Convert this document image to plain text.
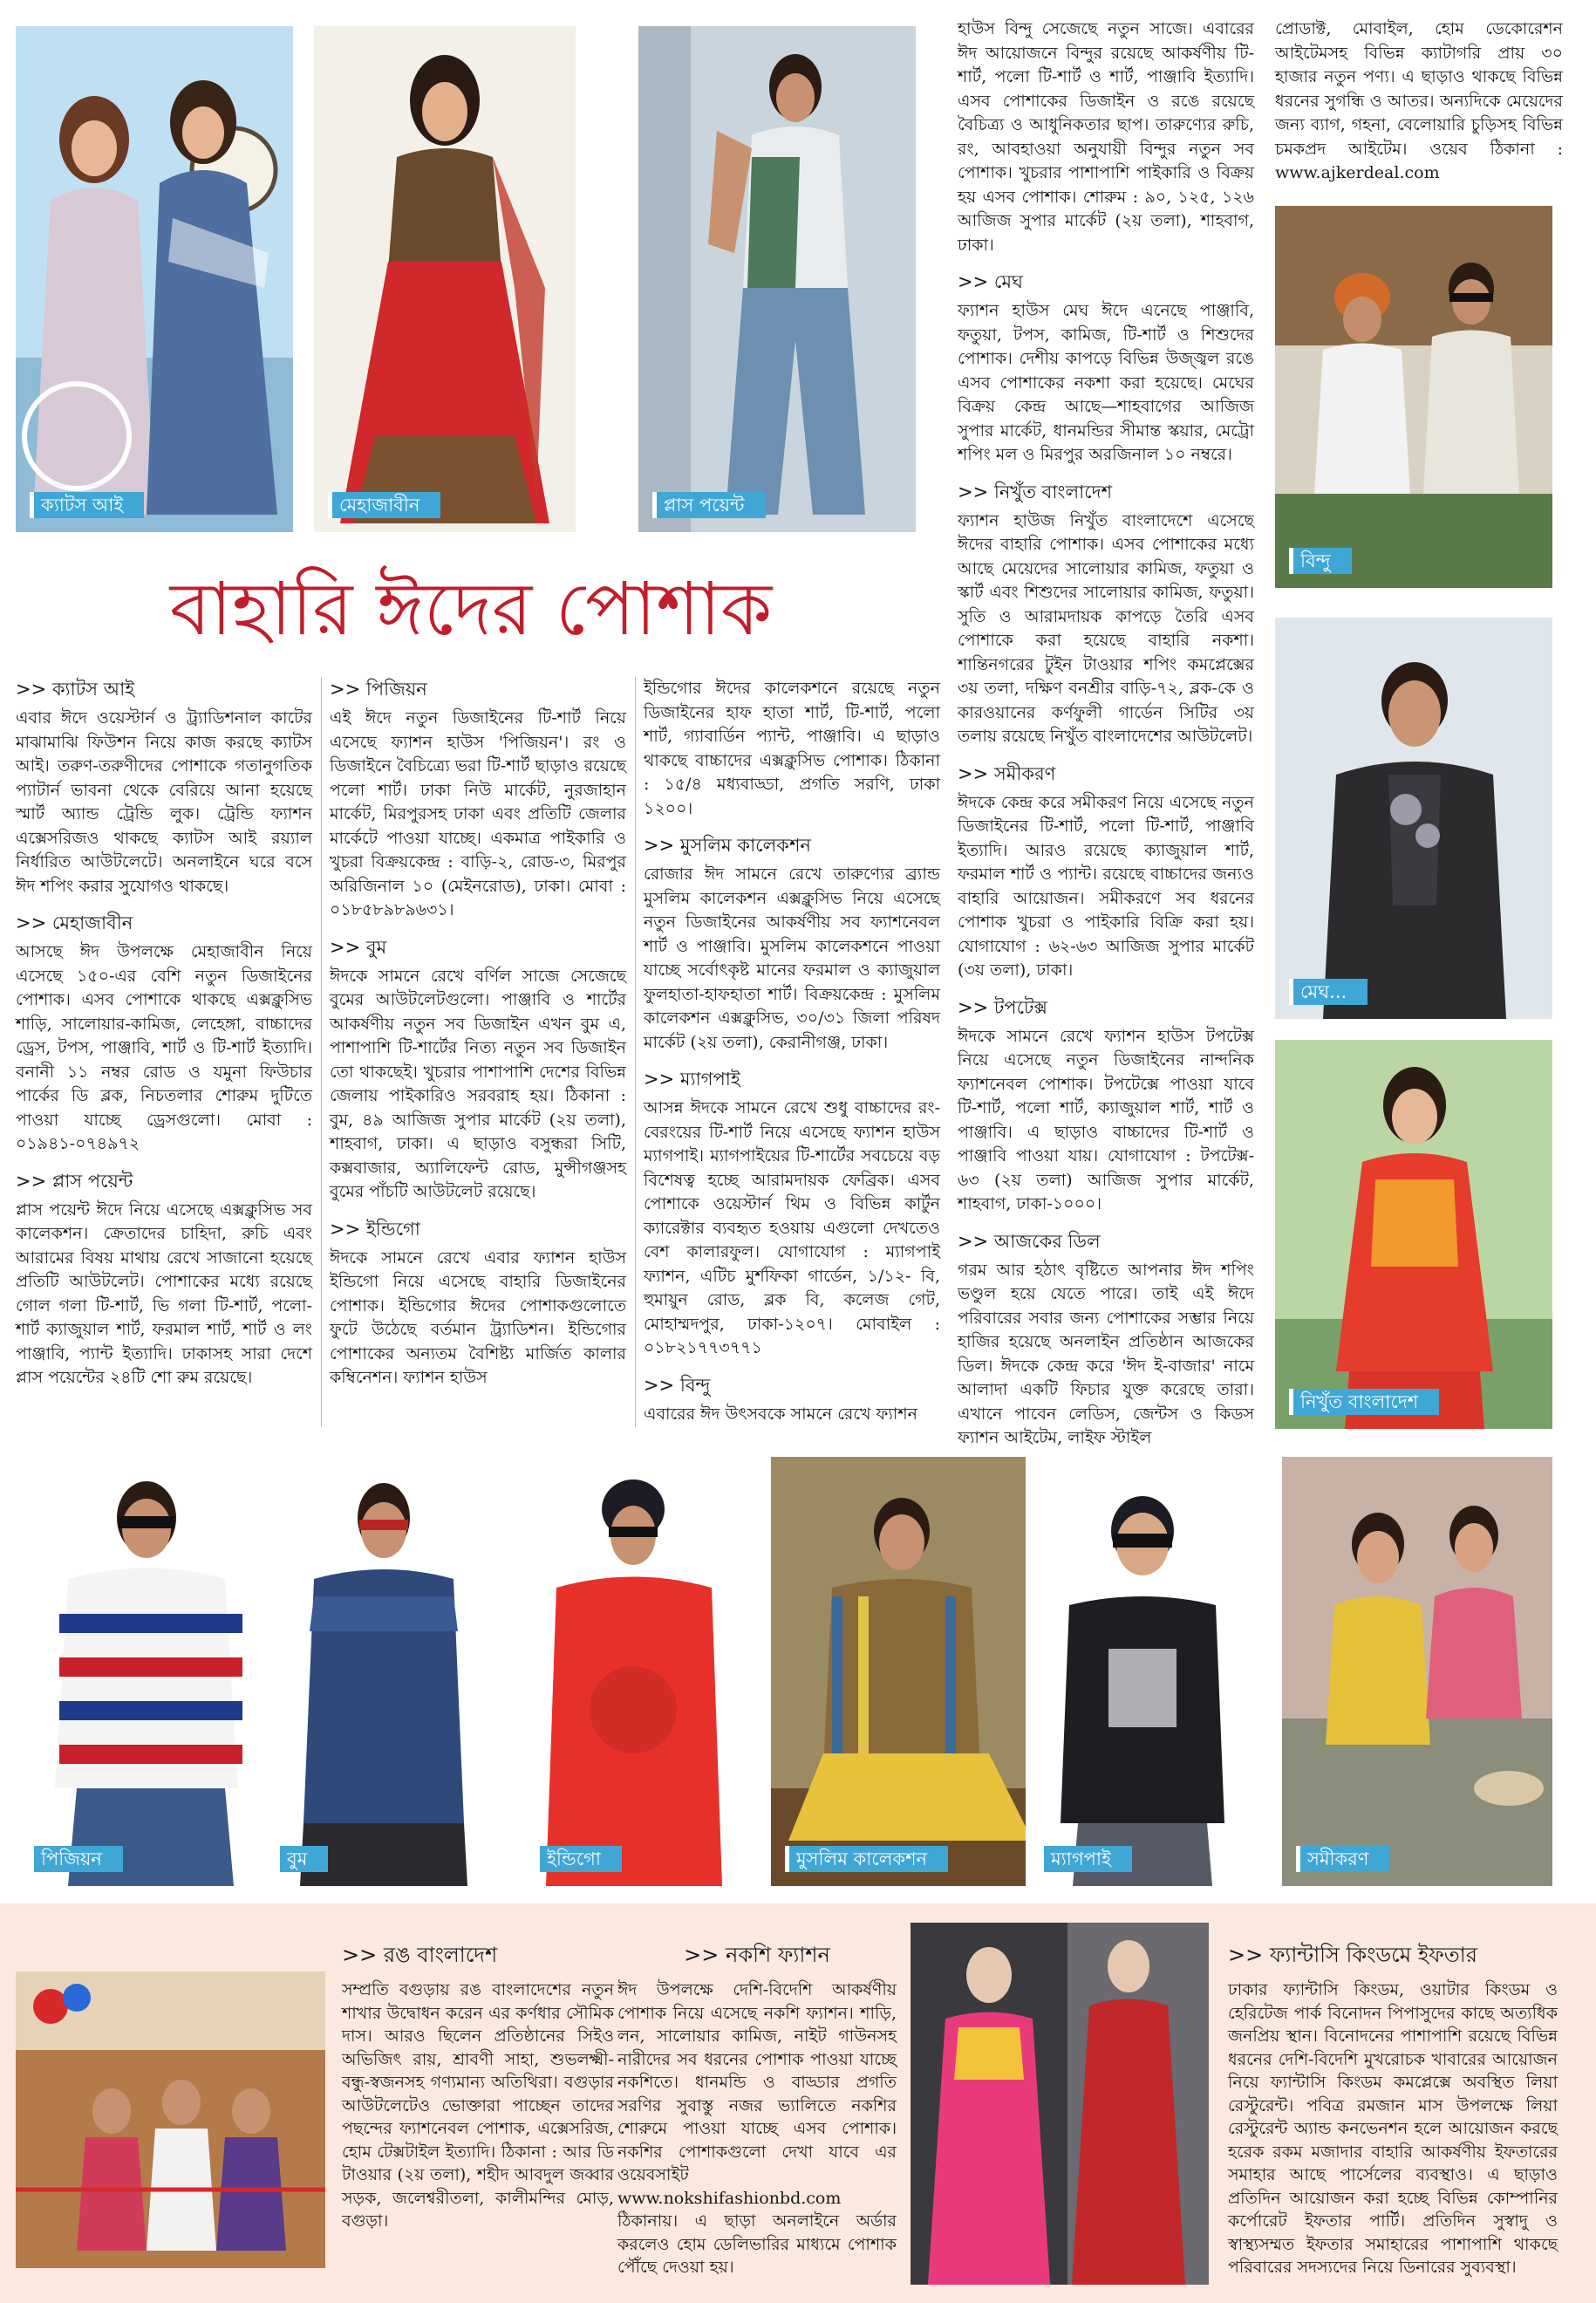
ক্যাটস আই	মেহাজাবীন	প্লাস পয়েন্ট
বিন্দু
মেঘ...
নিখুঁত বাংলাদেশ
বাহারি ঈদের পোশাক

হাউস বিন্দু সেজেছে নতুন সাজে। এবারের ঈদ আয়োজনে বিন্দুর রয়েছে আকর্ষণীয় টি-শার্ট, পলো টি-শার্ট ও শার্ট, পাঞ্জাবি ইত্যাদি। এসব পোশাকের ডিজাইন ও রঙে রয়েছে বৈচিত্র্য ও আধুনিকতার ছাপ। তারুণ্যের রুচি, রং, আবহাওয়া অনুযায়ী বিন্দুর নতুন সব পোশাক। খুচরার পাশাপাশি পাইকারি ও বিক্রয় হয় এসব পোশাক। শোরুম : ৯০, ১২৫, ১২৬ আজিজ সুপার মার্কেট (২য় তলা), শাহবাগ, ঢাকা।

>> মেঘ

ফ্যাশন হাউস মেঘ ঈদে এনেছে পাঞ্জাবি, ফতুয়া, টপস, কামিজ, টি-শার্ট ও শিশুদের পোশাক। দেশীয় কাপড়ে বিভিন্ন উজ্জ্বল রঙে এসব পোশাকের নকশা করা হয়েছে। মেঘের বিক্রয় কেন্দ্র আছে—শাহবাগের আজিজ সুপার মার্কেট, ধানমন্ডির সীমান্ত স্কয়ার, মেট্রো শপিং মল ও মিরপুর অরজিনাল ১০ নম্বরে।

>> নিখুঁত বাংলাদেশ

ফ্যাশন হাউজ নিখুঁত বাংলাদেশে এসেছে ঈদের বাহারি পোশাক। এসব পোশাকের মধ্যে আছে মেয়েদের সালোয়ার কামিজ, ফতুয়া ও স্কার্ট এবং শিশুদের সালোয়ার কামিজ, ফতুয়া। সুতি ও আরামদায়ক কাপড়ে তৈরি এসব পোশাকে করা হয়েছে বাহারি নকশা। শান্তিনগরের টুইন টাওয়ার শপিং কমপ্লেক্সের ৩য় তলা, দক্ষিণ বনশ্রীর বাড়ি-৭২, ব্লক-কে ও কারওয়ানের কর্ণফুলী গার্ডেন সিটির ৩য় তলায় রয়েছে নিখুঁত বাংলাদেশের আউটলেট।

>> সমীকরণ

ঈদকে কেন্দ্র করে সমীকরণ নিয়ে এসেছে নতুন ডিজাইনের টি-শার্ট, পলো টি-শার্ট, পাঞ্জাবি ইত্যাদি। আরও রয়েছে ক্যাজুয়াল শার্ট, ফরমাল শার্ট ও প্যান্ট। রয়েছে বাচ্চাদের জন্যও বাহারি আয়োজন। সমীকরণে সব ধরনের পোশাক খুচরা ও পাইকারি বিক্রি করা হয়। যোগাযোগ : ৬২-৬৩ আজিজ সুপার মার্কেট (৩য় তলা), ঢাকা।

>> টপটেক্স

ঈদকে সামনে রেখে ফ্যাশন হাউস টপটেক্স নিয়ে এসেছে নতুন ডিজাইনের নান্দনিক ফ্যাশনেবল পোশাক। টপটেক্সে পাওয়া যাবে টি-শার্ট, পলো শার্ট, ক্যাজুয়াল শার্ট, শার্ট ও পাঞ্জাবি। এ ছাড়াও বাচ্চাদের টি-শার্ট ও পাঞ্জাবি পাওয়া যায়। যোগাযোগ : টপটেক্স- ৬৩ (২য় তলা) আজিজ সুপার মার্কেট, শাহবাগ, ঢাকা-১০০০।

>> আজকের ডিল

গরম আর হঠাৎ বৃষ্টিতে আপনার ঈদ শপিং ভণ্ডুল হয়ে যেতে পারে। তাই এই ঈদে পরিবারের সবার জন্য পোশাকের সম্ভার নিয়ে হাজির হয়েছে অনলাইন প্রতিষ্ঠান আজকের ডিল। ঈদকে কেন্দ্র করে 'ঈদ ই-বাজার' নামে আলাদা একটি ফিচার যুক্ত করেছে তারা। এখানে পাবেন লেডিস, জেন্টস ও কিডস ফ্যাশন আইটেম, লাইফ স্টাইল

প্রোডাক্ট, মোবাইল, হোম ডেকোরেশন আইটেমসহ বিভিন্ন ক্যাটাগরি প্রায় ৩০ হাজার নতুন পণ্য। এ ছাড়াও থাকছে বিভিন্ন ধরনের সুগন্ধি ও আতর। অন্যদিকে মেয়েদের জন্য ব্যাগ, গহনা, বেলোয়ারি চুড়িসহ বিভিন্ন চমকপ্রদ আইটেম। ওয়েব ঠিকানা : www.ajkerdeal.com

>> ক্যাটস আই

এবার ঈদে ওয়েস্টার্ন ও ট্র্যাডিশনাল কাটের মাঝামাঝি ফিউশন নিয়ে কাজ করছে ক্যাটস আই। তরুণ-তরুণীদের পোশাকে গতানুগতিক প্যাটার্ন ভাবনা থেকে বেরিয়ে আনা হয়েছে স্মার্ট অ্যান্ড ট্রেন্ডি লুক। ট্রেন্ডি ফ্যাশন এক্সেসরিজও থাকছে ক্যাটস আই রয়্যাল নির্ধারিত আউটলেটে। অনলাইনে ঘরে বসে ঈদ শপিং করার সুযোগও থাকছে।

>> মেহাজাবীন

আসছে ঈদ উপলক্ষে মেহাজাবীন নিয়ে এসেছে ১৫০-এর বেশি নতুন ডিজাইনের পোশাক। এসব পোশাকে থাকছে এক্সক্লুসিভ শাড়ি, সালোয়ার-কামিজ, লেহেঙ্গা, বাচ্চাদের ড্রেস, টপস, পাঞ্জাবি, শার্ট ও টি-শার্ট ইত্যাদি। বনানী ১১ নম্বর রোড ও যমুনা ফিউচার পার্কের ডি ব্লক, নিচতলার শোরুম দুটিতে পাওয়া যাচ্ছে ড্রেসগুলো। মোবা : ০১৯৪১-০৭৪৯৭২

>> প্লাস পয়েন্ট

প্লাস পয়েন্ট ঈদে নিয়ে এসেছে এক্সক্লুসিভ সব কালেকশন। ক্রেতাদের চাহিদা, রুচি এবং আরামের বিষয় মাথায় রেখে সাজানো হয়েছে প্রতিটি আউটলেট। পোশাকের মধ্যে রয়েছে গোল গলা টি-শার্ট, ভি গলা টি-শার্ট, পলো-শার্ট ক্যাজুয়াল শার্ট, ফরমাল শার্ট, শার্ট ও লং পাঞ্জাবি, প্যান্ট ইত্যাদি। ঢাকাসহ সারা দেশে প্লাস পয়েন্টের ২৪টি শো রুম রয়েছে।

>> পিজিয়ন

এই ঈদে নতুন ডিজাইনের টি-শার্ট নিয়ে এসেছে ফ্যাশন হাউস 'পিজিয়ন'। রং ও ডিজাইনে বৈচিত্র্যে ভরা টি-শার্ট ছাড়াও রয়েছে পলো শার্ট। ঢাকা নিউ মার্কেট, নুরজাহান মার্কেট, মিরপুরসহ ঢাকা এবং প্রতিটি জেলার মার্কেটে পাওয়া যাচ্ছে। একমাত্র পাইকারি ও খুচরা বিক্রয়কেন্দ্র : বাড়ি-২, রোড-৩, মিরপুর অরিজিনাল ১০ (মেইনরোড), ঢাকা। মোবা : ০১৮৫৮৯৮৯৬৩১।

>> বুম

ঈদকে সামনে রেখে বর্ণিল সাজে সেজেছে বুমের আউটলেটগুলো। পাঞ্জাবি ও শার্টের আকর্ষণীয় নতুন সব ডিজাইন এখন বুম এ, পাশাপাশি টি-শার্টের নিত্য নতুন সব ডিজাইন তো থাকছেই। খুচরার পাশাপাশি দেশের বিভিন্ন জেলায় পাইকারিও সরবরাহ হয়। ঠিকানা : বুম, ৪৯ আজিজ সুপার মার্কেট (২য় তলা), শাহবাগ, ঢাকা। এ ছাড়াও বসুন্ধরা সিটি, কক্সবাজার, অ্যালিফেন্ট রোড, মুন্সীগঞ্জসহ বুমের পাঁচটি আউটলেট রয়েছে।

>> ইন্ডিগো

ঈদকে সামনে রেখে এবার ফ্যাশন হাউস ইন্ডিগো নিয়ে এসেছে বাহারি ডিজাইনের পোশাক। ইন্ডিগোর ঈদের পোশাকগুলোতে ফুটে উঠেছে বর্তমান ট্র্যাডিশন। ইন্ডিগোর পোশাকের অন্যতম বৈশিষ্ট্য মার্জিত কালার কম্বিনেশন। ফ্যাশন হাউস

ইন্ডিগোর ঈদের কালেকশনে রয়েছে নতুন ডিজাইনের হাফ হাতা শার্ট, টি-শার্ট, পলো শার্ট, গ্যাবার্ডিন প্যান্ট, পাঞ্জাবি। এ ছাড়াও থাকছে বাচ্চাদের এক্সক্লুসিভ পোশাক। ঠিকানা : ১৫/৪ মধ্যবাড্ডা, প্রগতি সরণি, ঢাকা ১২০০।

>> মুসলিম কালেকশন

রোজার ঈদ সামনে রেখে তারুণ্যের ব্র্যান্ড মুসলিম কালেকশন এক্সক্লুসিভ নিয়ে এসেছে নতুন ডিজাইনের আকর্ষণীয় সব ফ্যাশনেবল শার্ট ও পাঞ্জাবি। মুসলিম কালেকশনে পাওয়া যাচ্ছে সর্বোৎকৃষ্ট মানের ফরমাল ও ক্যাজুয়াল ফুলহাতা-হাফহাতা শার্ট। বিক্রয়কেন্দ্র : মুসলিম কালেকশন এক্সক্লুসিভ, ৩০/৩১ জিলা পরিষদ মার্কেট (২য় তলা), কেরানীগঞ্জ, ঢাকা।

>> ম্যাগপাই

আসন্ন ঈদকে সামনে রেখে শুধু বাচ্চাদের রং-বেরংয়ের টি-শার্ট নিয়ে এসেছে ফ্যাশন হাউস ম্যাগপাই। ম্যাগপাইয়ের টি-শার্টের সবচেয়ে বড় বিশেষত্ব হচ্ছে আরামদায়ক ফেব্রিক। এসব পোশাকে ওয়েস্টার্ন থিম ও বিভিন্ন কার্টুন ক্যারেক্টার ব্যবহৃত হওয়ায় এগুলো দেখতেও বেশ কালারফুল। যোগাযোগ : ম্যাগপাই ফ্যাশন, এটিচ মুর্শফিকা গার্ডেন, ১/১২- বি, হুমায়ুন রোড, ব্লক বি, কলেজ গেট, মোহাম্মদপুর, ঢাকা-১২০৭। মোবাইল : ০১৮২১৭৭৩৭৭১

>> বিন্দু

এবারের ঈদ উৎসবকে সামনে রেখে ফ্যাশন

পিজিয়ন	বুম	ইন্ডিগো	মুসলিম কালেকশন	ম্যাগপাই	সমীকরণ
>> রঙ বাংলাদেশ

সম্প্রতি বগুড়ায় রঙ বাংলাদেশের নতুন শাখার উদ্বোধন করেন এর কর্ণধার সৌমিক দাস। আরও ছিলেন প্রতিষ্ঠানের সিইও অভিজিৎ রায়, শ্রাবণী সাহা, শুভলক্ষ্মী-বন্ধু-স্বজনসহ গণ্যমান্য অতিথিরা। বগুড়ার আউটলেটেও ভোক্তারা পাচ্ছেন তাদের পছন্দের ফ্যাশনেবল পোশাক, এক্সেসরিজ, হোম টেক্সটাইল ইত্যাদি। ঠিকানা : আর ডি টাওয়ার (২য় তলা), শহীদ আবদুল জব্বার সড়ক, জলেশ্বরীতলা, কালীমন্দির মোড়, বগুড়া।

>> নকশি ফ্যাশন

ঈদ উপলক্ষে দেশি-বিদেশি আকর্ষণীয় পোশাক নিয়ে এসেছে নকশি ফ্যাশন। শাড়ি, লন, সালোয়ার কামিজ, নাইট গাউনসহ নারীদের সব ধরনের পোশাক পাওয়া যাচ্ছে নকশিতে। ধানমন্ডি ও বাড্ডার প্রগতি সরণির সুবাস্তু নজর ভ্যালিতে নকশির শোরুমে পাওয়া যাচ্ছে এসব পোশাক। নকশির পোশাকগুলো দেখা যাবে এর ওয়েবসাইট www.nokshifashionbd.com ঠিকানায়। এ ছাড়া অনলাইনে অর্ডার করলেও হোম ডেলিভারির মাধ্যমে পোশাক পৌঁছে দেওয়া হয়।

>> ফ্যান্টাসি কিংডমে ইফতার

ঢাকার ফ্যান্টাসি কিংডম, ওয়াটার কিংডম ও হেরিটেজ পার্ক বিনোদন পিপাসুদের কাছে অত্যধিক জনপ্রিয় স্থান। বিনোদনের পাশাপাশি রয়েছে বিভিন্ন ধরনের দেশি-বিদেশি মুখরোচক খাবারের আয়োজন নিয়ে ফ্যান্টাসি কিংডম কমপ্লেক্সে অবস্থিত লিয়া রেস্টুরেন্ট। পবিত্র রমজান মাস উপলক্ষে লিয়া রেস্টুরেন্ট অ্যান্ড কনভেনশন হলে আয়োজন করছে হরেক রকম মজাদার বাহারি আকর্ষণীয় ইফতারের সমাহার আছে পার্সেলের ব্যবস্থাও। এ ছাড়াও প্রতিদিন আয়োজন করা হচ্ছে বিভিন্ন কোম্পানির কর্পোরেট ইফতার পার্টি। প্রতিদিন সুস্বাদু ও স্বাস্থ্যসম্মত ইফতার সমাহারের পাশাপাশি থাকছে পরিবারের সদস্যদের নিয়ে ডিনারের সুব্যবস্থা।
